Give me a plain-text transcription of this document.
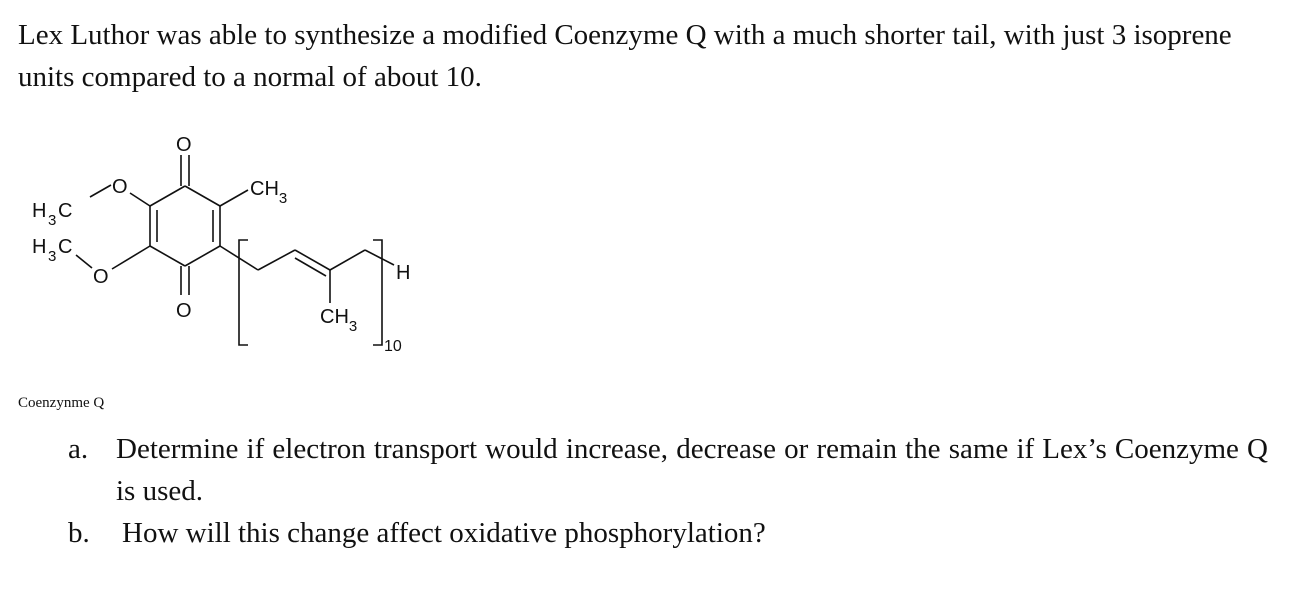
Lex Luthor was able to synthesize a modified Coenzyme Q with a much shorter tail, with just 3 isoprene units compared to a normal of about 10.

O
O
O
H 3 C
H 3 C
O
$CH_3$
H
$CH_3$
10
Coenzynme Q
a. Determine if electron transport would increase, decrease or remain the same if Lex’s Coenzyme Q is used.
b.	How will this change affect oxidative phosphorylation?
